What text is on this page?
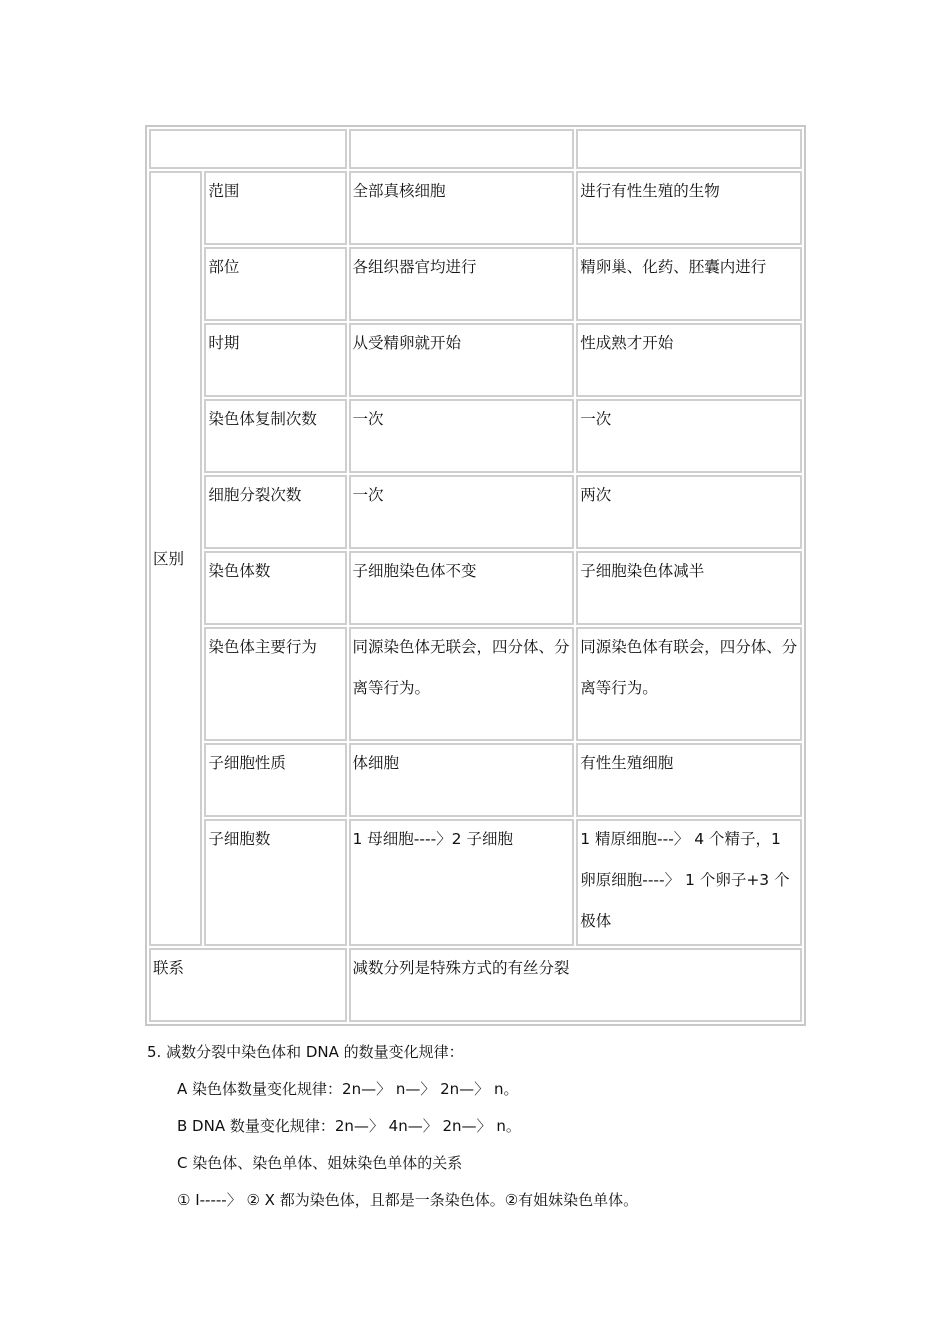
区别	范围	全部真核细胞	进行有性生殖的生物

	部位	各组织器官均进行	精卵巢、化药、胚囊内进行

	时期	从受精卵就开始	性成熟才开始

	染色体复制次数	一次	一次

	细胞分裂次数	一次	两次

	染色体数	子细胞染色体不变	子细胞染色体减半

	染色体主要行为	同源染色体无联会，四分体、分离等行为。	同源染色体有联会，四分体、分离等行为。

	子细胞性质	体细胞	有性生殖细胞

	子细胞数	1 母细胞----〉2 子细胞	1 精原细胞---〉 4 个精子，1 卵原细胞----〉 1 个卵子+3 个极体

联系		减数分列是特殊方式的有丝分裂	
5. 减数分裂中染色体和 DNA 的数量变化规律：
A 染色体数量变化规律：2n—〉 n—〉 2n—〉 n。
B DNA 数量变化规律：2n—〉 4n—〉 2n—〉 n。
C 染色体、染色单体、姐妹染色单体的关系
① I-----〉 ② X 都为染色体，且都是一条染色体。②有姐妹染色单体。
